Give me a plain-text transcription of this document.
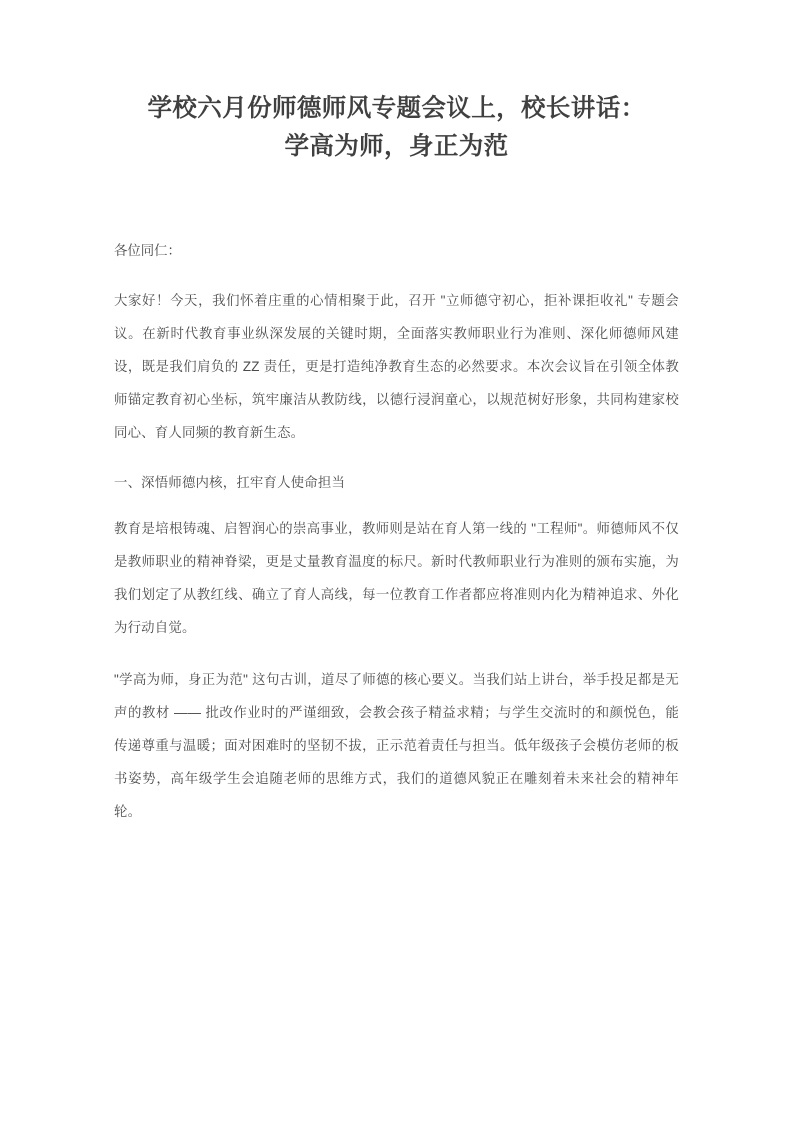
学校六月份师德师风专题会议上，校长讲话：
学高为师，身正为范

各位同仁：

大家好！今天，我们怀着庄重的心情相聚于此，召开 "立师德守初心，拒补课拒收礼" 专题会议。在新时代教育事业纵深发展的关键时期，全面落实教师职业行为准则、深化师德师风建设，既是我们肩负的 ZZ 责任，更是打造纯净教育生态的必然要求。本次会议旨在引领全体教师锚定教育初心坐标，筑牢廉洁从教防线，以德行浸润童心，以规范树好形象，共同构建家校同心、育人同频的教育新生态。

一、深悟师德内核，扛牢育人使命担当

教育是培根铸魂、启智润心的崇高事业，教师则是站在育人第一线的 "工程师"。师德师风不仅是教师职业的精神脊梁，更是丈量教育温度的标尺。新时代教师职业行为准则的颁布实施，为我们划定了从教红线、确立了育人高线，每一位教育工作者都应将准则内化为精神追求、外化为行动自觉。

"学高为师，身正为范" 这句古训，道尽了师德的核心要义。当我们站上讲台，举手投足都是无声的教材 —— 批改作业时的严谨细致，会教会孩子精益求精；与学生交流时的和颜悦色，能传递尊重与温暖；面对困难时的坚韧不拔，正示范着责任与担当。低年级孩子会模仿老师的板书姿势，高年级学生会追随老师的思维方式，我们的道德风貌正在雕刻着未来社会的精神年轮。
